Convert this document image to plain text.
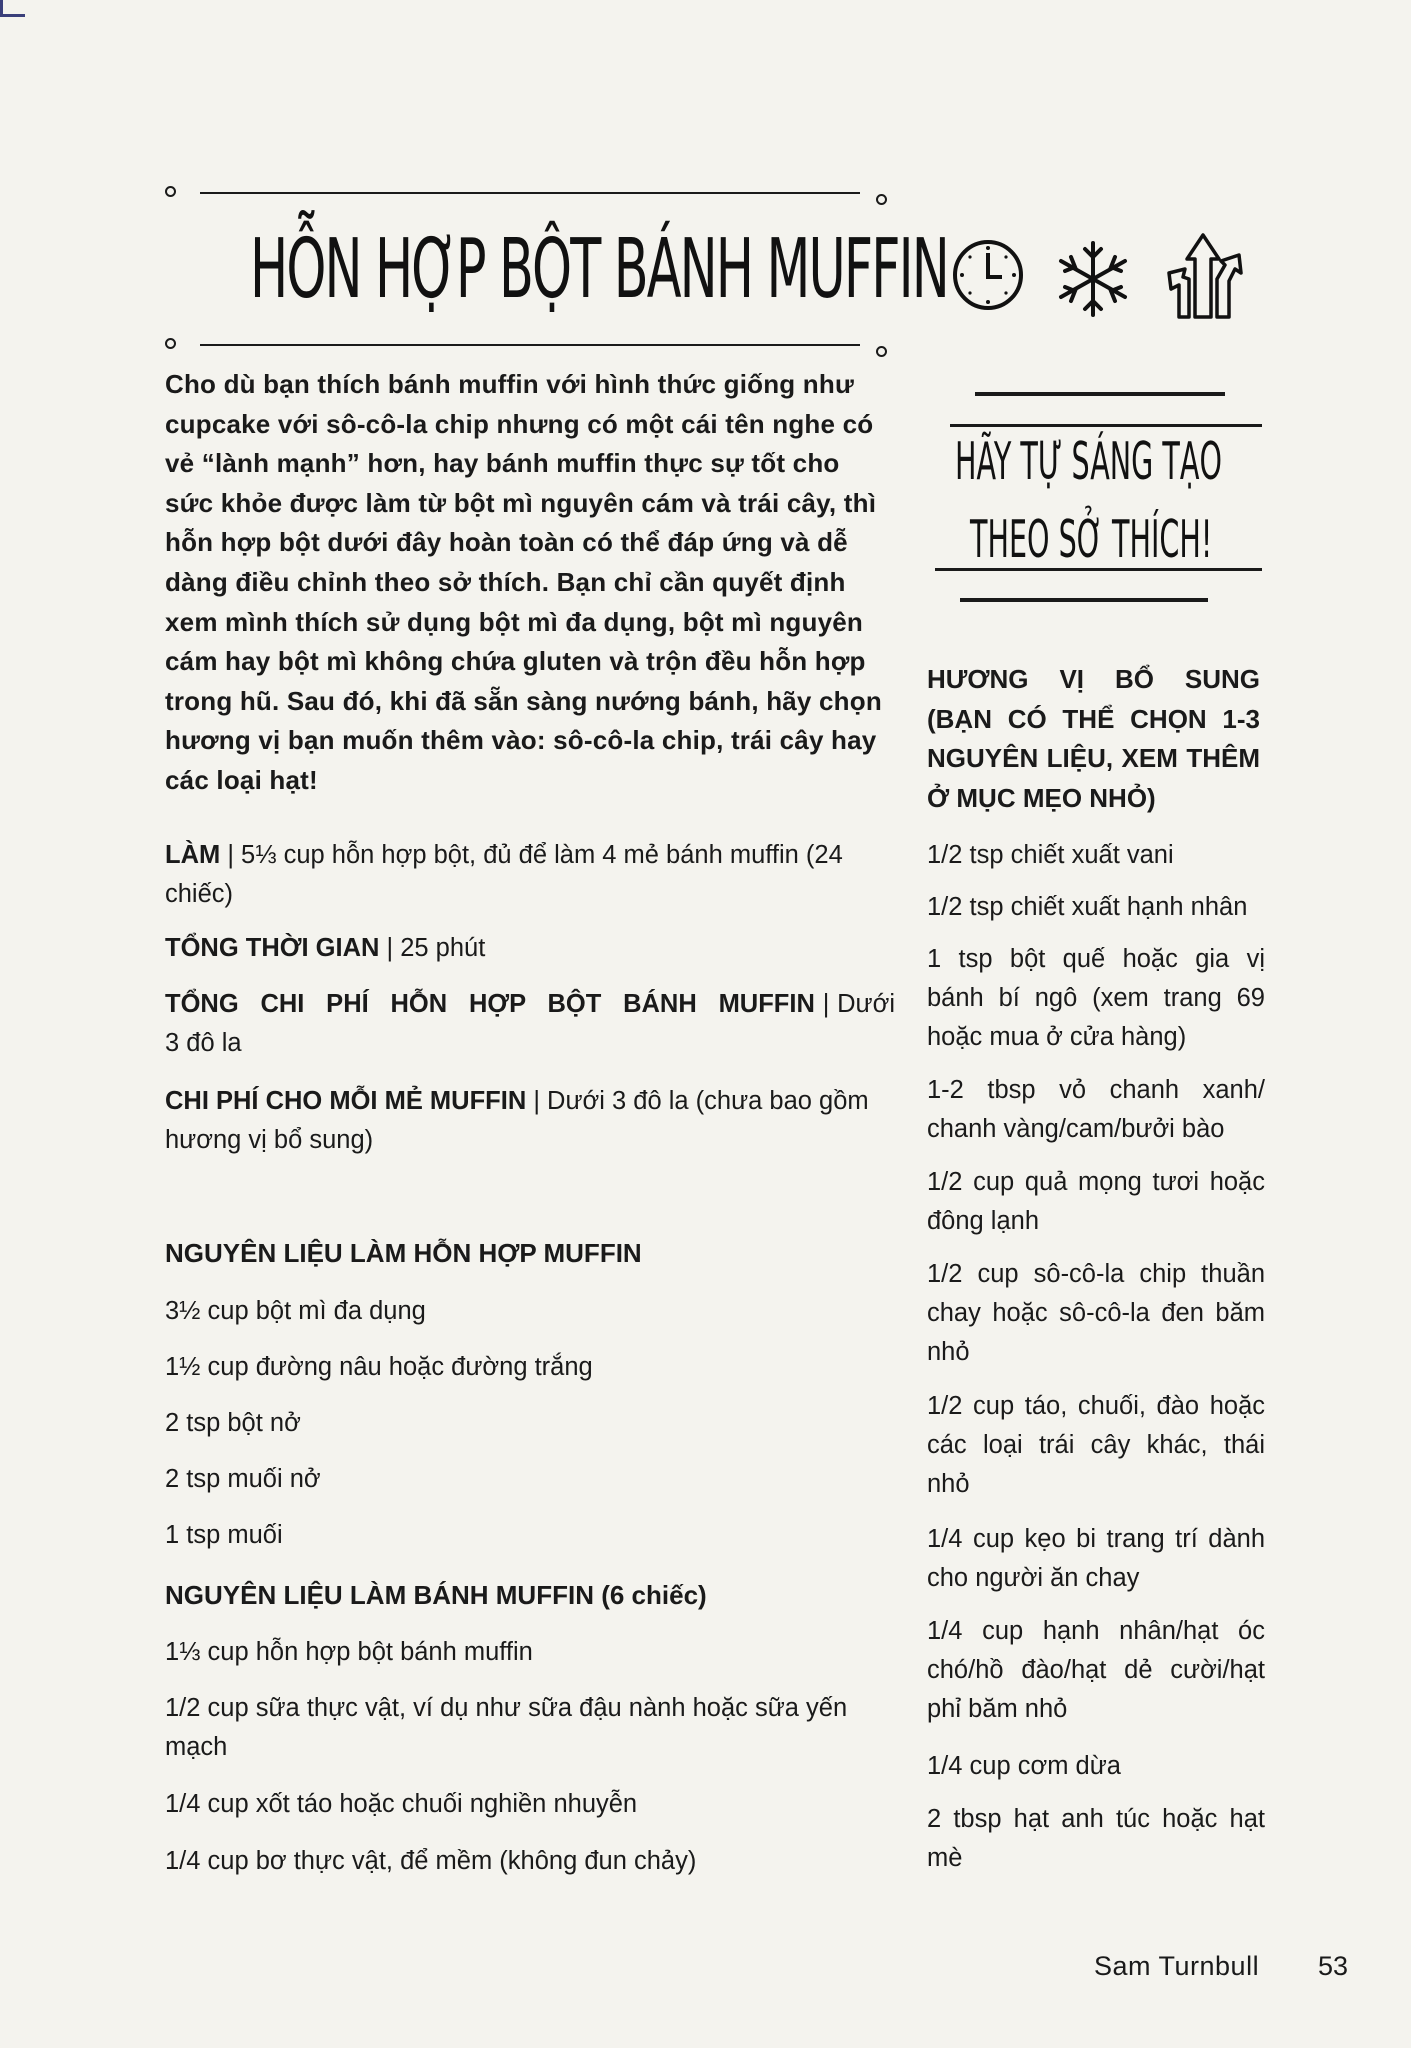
HỖN HỢP BỘT BÁNH MUFFIN
Cho dù bạn thích bánh muffin với hình thức giống như cupcake với sô-cô-la chip nhưng có một cái tên nghe có vẻ “lành mạnh” hơn, hay bánh muffin thực sự tốt cho sức khỏe được làm từ bột mì nguyên cám và trái cây, thì hỗn hợp bột dưới đây hoàn toàn có thể đáp ứng và dễ dàng điều chỉnh theo sở thích. Bạn chỉ cần quyết định xem mình thích sử dụng bột mì đa dụng, bột mì nguyên cám hay bột mì không chứa gluten và trộn đều hỗn hợp trong hũ. Sau đó, khi đã sẵn sàng nướng bánh, hãy chọn hương vị bạn muốn thêm vào: sô-cô-la chip, trái cây hay các loại hạt!
LÀM | 5⅓ cup hỗn hợp bột, đủ để làm 4 mẻ bánh muffin (24 chiếc)
TỔNG THỜI GIAN | 25 phút
TỔNG CHI PHÍ HỖN HỢP BỘT BÁNH MUFFIN | Dưới 3 đô la
CHI PHÍ CHO MỖI MẺ MUFFIN | Dưới 3 đô la (chưa bao gồm hương vị bổ sung)
NGUYÊN LIỆU LÀM HỖN HỢP MUFFIN
3½ cup bột mì đa dụng
1½ cup đường nâu hoặc đường trắng
2 tsp bột nở
2 tsp muối nở
1 tsp muối
NGUYÊN LIỆU LÀM BÁNH MUFFIN (6 chiếc)
1⅓ cup hỗn hợp bột bánh muffin
1/2 cup sữa thực vật, ví dụ như sữa đậu nành hoặc sữa yến mạch
1/4 cup xốt táo hoặc chuối nghiền nhuyễn
1/4 cup bơ thực vật, để mềm (không đun chảy)
HÃY TỰ SÁNG TẠO
THEO SỞ THÍCH!
HƯƠNG VỊ BỔ SUNG (BẠN CÓ THỂ CHỌN 1-3 NGUYÊN LIỆU, XEM THÊM Ở MỤC MẸO NHỎ)
1/2 tsp chiết xuất vani
1/2 tsp chiết xuất hạnh nhân
1 tsp bột quế hoặc gia vị bánh bí ngô (xem trang 69 hoặc mua ở cửa hàng)
1-2 tbsp vỏ chanh xanh/ chanh vàng/cam/bưởi bào
1/2 cup quả mọng tươi hoặc đông lạnh
1/2 cup sô-cô-la chip thuần chay hoặc sô-cô-la đen băm nhỏ
1/2 cup táo, chuối, đào hoặc các loại trái cây khác, thái nhỏ
1/4 cup kẹo bi trang trí dành cho người ăn chay
1/4 cup hạnh nhân/hạt óc chó/hồ đào/hạt dẻ cười/hạt phỉ băm nhỏ
1/4 cup cơm dừa
2 tbsp hạt anh túc hoặc hạt mè
Sam Turnbull 53
